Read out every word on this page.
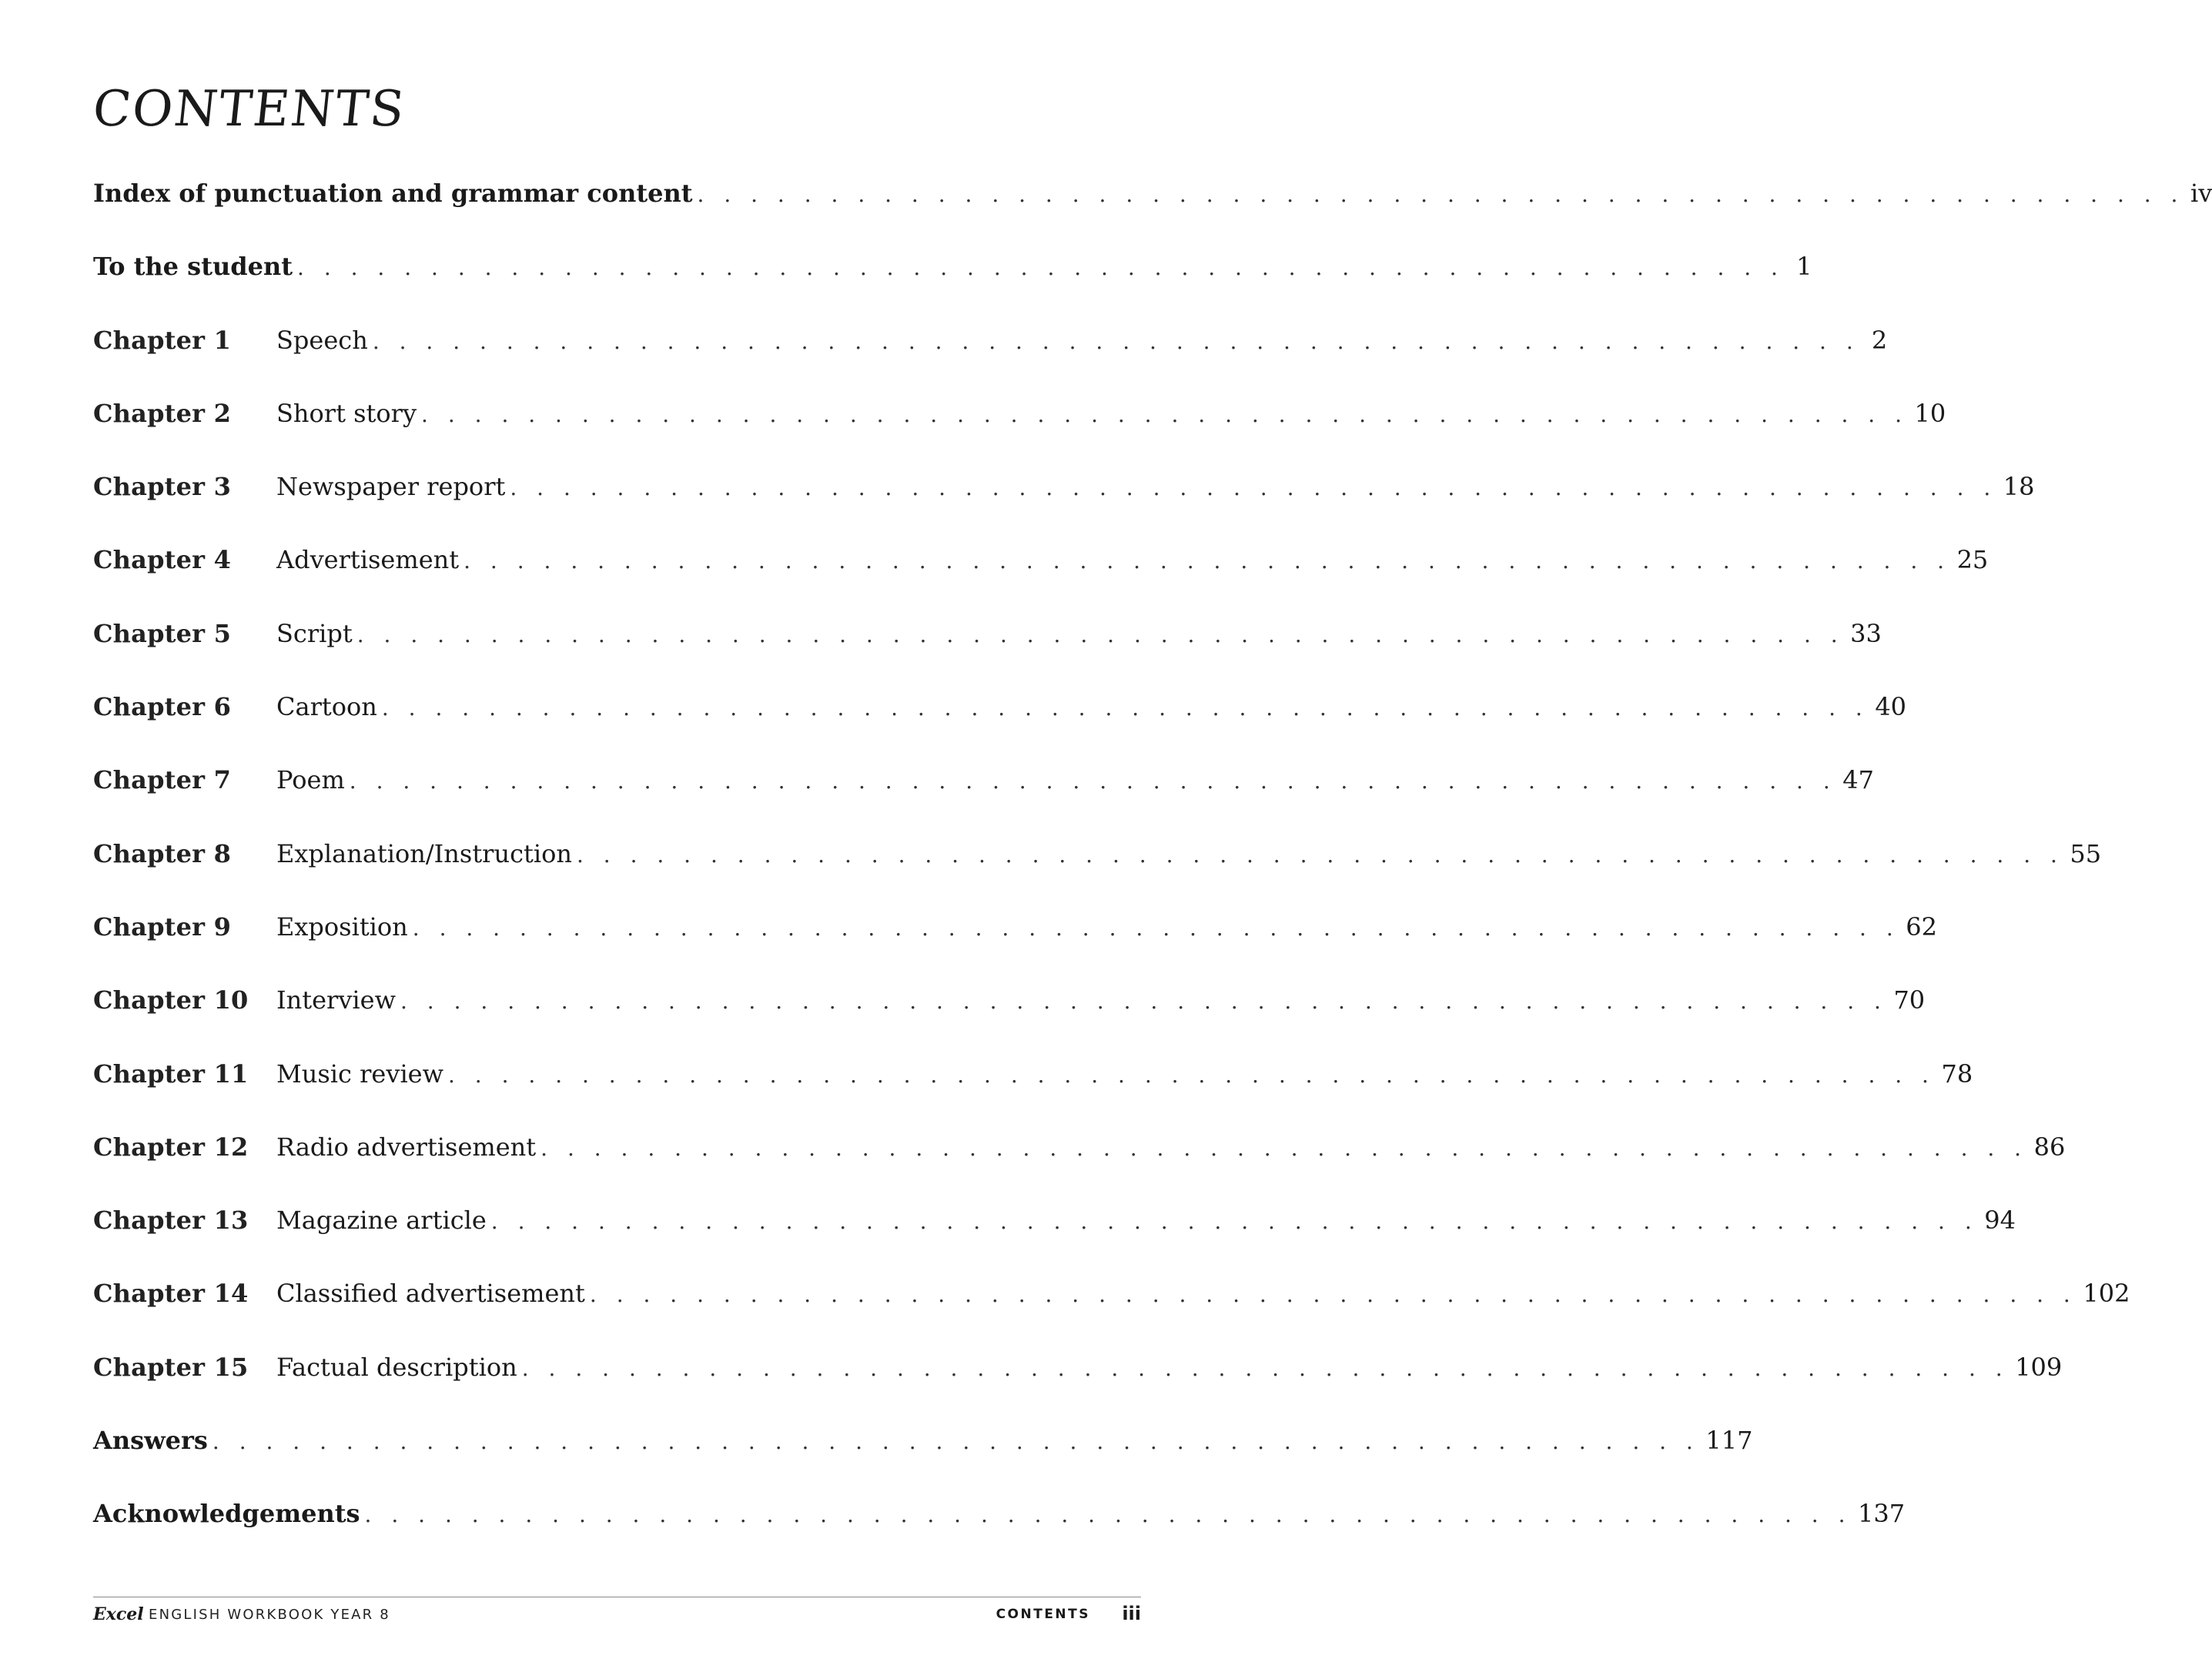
CONTENTS
Index of punctuation and grammar content . . . . . . . . . . . . . . . . . . . . . . . . . . . . . . . . . . . . . . . . . . . . . . . . . . . . . . . . iv
To the student . . . . . . . . . . . . . . . . . . . . . . . . . . . . . . . . . . . . . . . . . . . . . . . . . . . . . . . . 1
Chapter 1	Speech . . . . . . . . . . . . . . . . . . . . . . . . . . . . . . . . . . . . . . . . . . . . . . . . . . . . . . . . 2
Chapter 2	Short story . . . . . . . . . . . . . . . . . . . . . . . . . . . . . . . . . . . . . . . . . . . . . . . . . . . . . . . . 10
Chapter 3	Newspaper report . . . . . . . . . . . . . . . . . . . . . . . . . . . . . . . . . . . . . . . . . . . . . . . . . . . . . . . . 18
Chapter 4	Advertisement . . . . . . . . . . . . . . . . . . . . . . . . . . . . . . . . . . . . . . . . . . . . . . . . . . . . . . . . 25
Chapter 5	Script . . . . . . . . . . . . . . . . . . . . . . . . . . . . . . . . . . . . . . . . . . . . . . . . . . . . . . . . 33
Chapter 6	Cartoon . . . . . . . . . . . . . . . . . . . . . . . . . . . . . . . . . . . . . . . . . . . . . . . . . . . . . . . . 40
Chapter 7	Poem . . . . . . . . . . . . . . . . . . . . . . . . . . . . . . . . . . . . . . . . . . . . . . . . . . . . . . . . 47
Chapter 8	Explanation/Instruction . . . . . . . . . . . . . . . . . . . . . . . . . . . . . . . . . . . . . . . . . . . . . . . . . . . . . . . . 55
Chapter 9	Exposition . . . . . . . . . . . . . . . . . . . . . . . . . . . . . . . . . . . . . . . . . . . . . . . . . . . . . . . . 62
Chapter 10	Interview . . . . . . . . . . . . . . . . . . . . . . . . . . . . . . . . . . . . . . . . . . . . . . . . . . . . . . . . 70
Chapter 11	Music review . . . . . . . . . . . . . . . . . . . . . . . . . . . . . . . . . . . . . . . . . . . . . . . . . . . . . . . . 78
Chapter 12	Radio advertisement . . . . . . . . . . . . . . . . . . . . . . . . . . . . . . . . . . . . . . . . . . . . . . . . . . . . . . . . 86
Chapter 13	Magazine article . . . . . . . . . . . . . . . . . . . . . . . . . . . . . . . . . . . . . . . . . . . . . . . . . . . . . . . . 94
Chapter 14	Classified advertisement . . . . . . . . . . . . . . . . . . . . . . . . . . . . . . . . . . . . . . . . . . . . . . . . . . . . . . . . 102
Chapter 15	Factual description . . . . . . . . . . . . . . . . . . . . . . . . . . . . . . . . . . . . . . . . . . . . . . . . . . . . . . . . 109
Answers . . . . . . . . . . . . . . . . . . . . . . . . . . . . . . . . . . . . . . . . . . . . . . . . . . . . . . . . 117
Acknowledgements . . . . . . . . . . . . . . . . . . . . . . . . . . . . . . . . . . . . . . . . . . . . . . . . . . . . . . . . 137
Excel ENGLISH WORKBOOK YEAR 8	CONTENTS iii
